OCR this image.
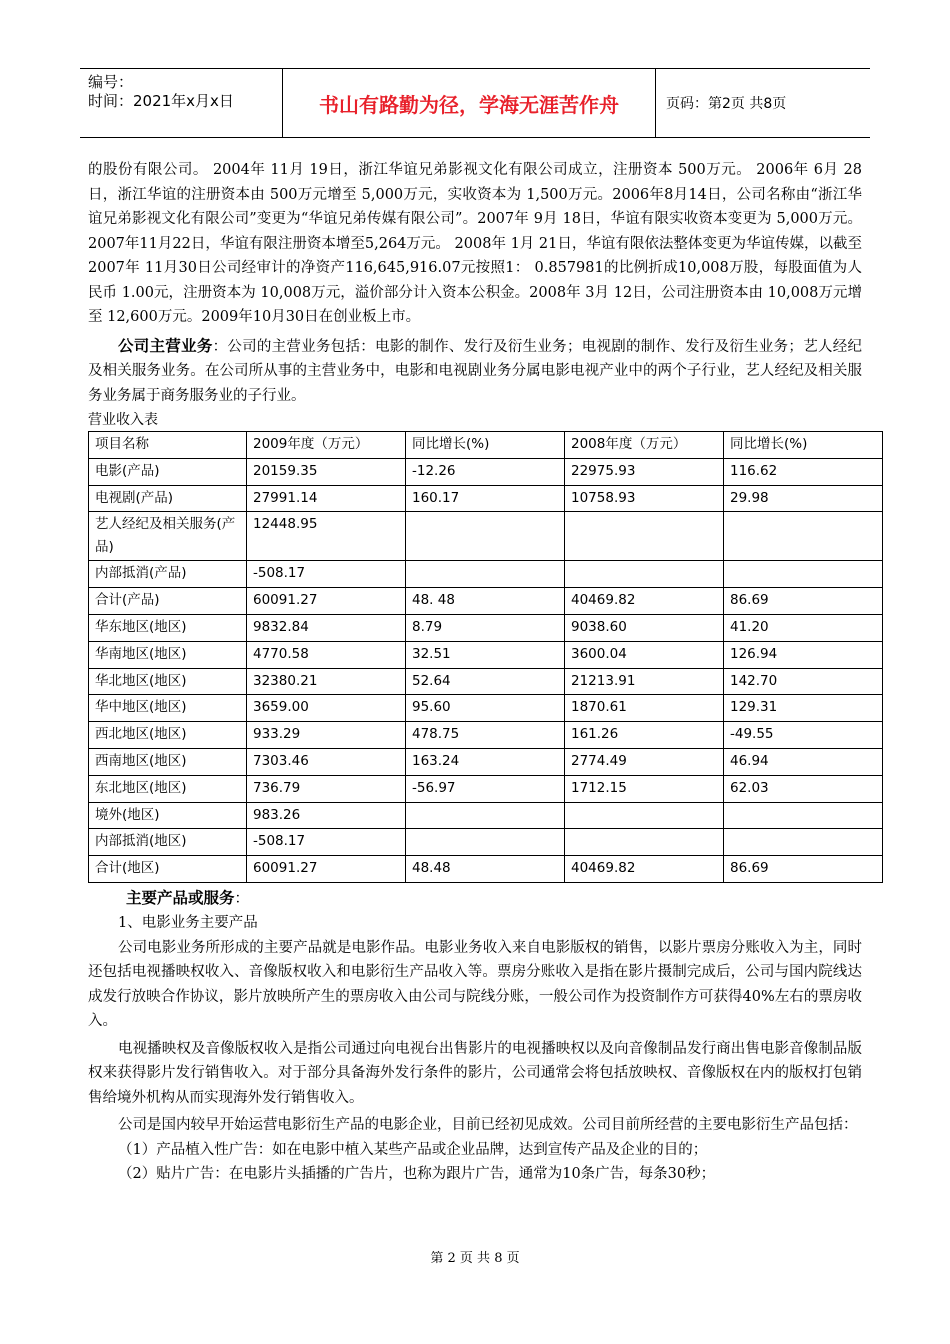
编号：
时间：2021年x月x日	书山有路勤为径，学海无涯苦作舟	页码：第2页 共8页

的股份有限公司。 2004年 11月 19日，浙江华谊兄弟影视文化有限公司成立，注册资本 500万元。 2006年 6月 28日，浙江华谊的注册资本由 500万元增至 5,000万元，实收资本为 1,500万元。2006年8月14日，公司名称由“浙江华谊兄弟影视文化有限公司”变更为“华谊兄弟传媒有限公司”。2007年 9月 18日，华谊有限实收资本变更为 5,000万元。2007年11月22日，华谊有限注册资本增至5,264万元。 2008年 1月 21日，华谊有限依法整体变更为华谊传媒，以截至 2007年 11月30日公司经审计的净资产116,645,916.07元按照1： 0.857981的比例折成10,008万股，每股面值为人民币 1.00元，注册资本为 10,008万元，溢价部分计入资本公积金。2008年 3月 12日，公司注册资本由 10,008万元增至 12,600万元。2009年10月30日在创业板上市。

公司主营业务：公司的主营业务包括：电影的制作、发行及衍生业务；电视剧的制作、发行及衍生业务；艺人经纪及相关服务业务。在公司所从事的主营业务中，电影和电视剧业务分属电影电视产业中的两个子行业，艺人经纪及相关服务业务属于商务服务业的子行业。

营业收入表
项目名称	2009年度（万元）	同比增长(%)	2008年度（万元）	同比增长(%)
电影(产品)	20159.35	-12.26	22975.93	116.62
电视剧(产品)	27991.14	160.17	10758.93	29.98
艺人经纪及相关服务(产品)	12448.95			
内部抵消(产品)	-508.17			
合计(产品)	60091.27	48. 48	40469.82	86.69
华东地区(地区)	9832.84	8.79	9038.60	41.20
华南地区(地区)	4770.58	32.51	3600.04	126.94
华北地区(地区)	32380.21	52.64	21213.91	142.70
华中地区(地区)	3659.00	95.60	1870.61	129.31
西北地区(地区)	933.29	478.75	161.26	-49.55
西南地区(地区)	7303.46	163.24	2774.49	46.94
东北地区(地区)	736.79	-56.97	1712.15	62.03
境外(地区)	983.26			
内部抵消(地区)	-508.17			
合计(地区)	60091.27	48.48	40469.82	86.69

主要产品或服务：

1、电影业务主要产品

公司电影业务所形成的主要产品就是电影作品。电影业务收入来自电影版权的销售，以影片票房分账收入为主，同时还包括电视播映权收入、音像版权收入和电影衍生产品收入等。票房分账收入是指在影片摄制完成后，公司与国内院线达成发行放映合作协议，影片放映所产生的票房收入由公司与院线分账，一般公司作为投资制作方可获得40%左右的票房收入。

电视播映权及音像版权收入是指公司通过向电视台出售影片的电视播映权以及向音像制品发行商出售电影音像制品版权来获得影片发行销售收入。对于部分具备海外发行条件的影片，公司通常会将包括放映权、音像版权在内的版权打包销售给境外机构从而实现海外发行销售收入。

公司是国内较早开始运营电影衍生产品的电影企业，目前已经初见成效。公司目前所经营的主要电影衍生产品包括：

（1）产品植入性广告：如在电影中植入某些产品或企业品牌，达到宣传产品及企业的目的；

（2）贴片广告：在电影片头插播的广告片，也称为跟片广告，通常为10条广告，每条30秒；

第 2 页 共 8 页
